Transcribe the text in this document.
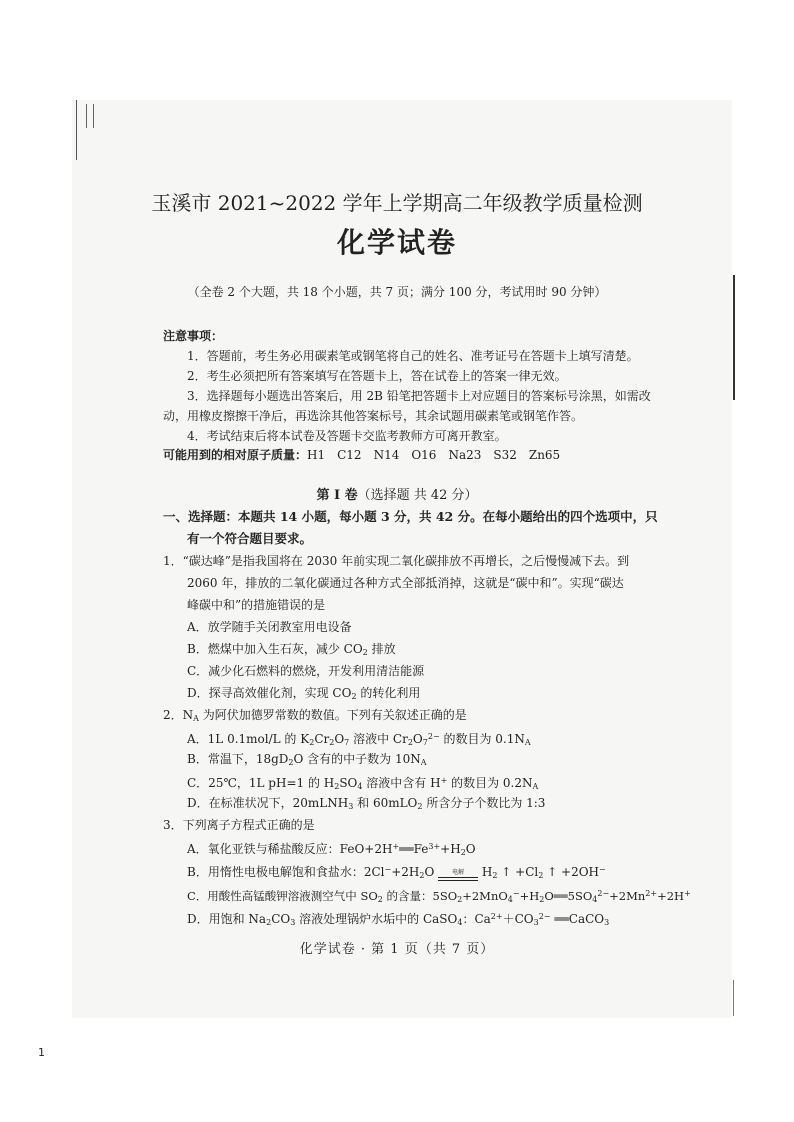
玉溪市 2021~2022 学年上学期高二年级教学质量检测
化学试卷
（全卷 2 个大题，共 18 个小题，共 7 页；满分 100 分，考试用时 90 分钟）
注意事项：
1．答题前，考生务必用碳素笔或钢笔将自己的姓名、准考证号在答题卡上填写清楚。
2．考生必须把所有答案填写在答题卡上，答在试卷上的答案一律无效。
3．选择题每小题选出答案后，用 2B 铅笔把答题卡上对应题目的答案标号涂黑，如需改
动，用橡皮擦擦干净后，再选涂其他答案标号，其余试题用碳素笔或钢笔作答。
4．考试结束后将本试卷及答题卡交监考教师方可离开教室。
可能用到的相对原子质量：H1　C12　N14　O16　Na23　S32　Zn65
第 I 卷（选择题 共 42 分）
一、选择题：本题共 14 小题，每小题 3 分，共 42 分。在每小题给出的四个选项中，只
有一个符合题目要求。
1．“碳达峰”是指我国将在 2030 年前实现二氧化碳排放不再增长，之后慢慢减下去。到
2060 年，排放的二氧化碳通过各种方式全部抵消掉，这就是“碳中和”。实现“碳达
峰碳中和”的措施错误的是
A．放学随手关闭教室用电设备
B．燃煤中加入生石灰，减少 $CO_2$ 排放
C．减少化石燃料的燃烧，开发利用清洁能源
D．探寻高效催化剂，实现 $CO_2$ 的转化利用
2．$N_A$ 为阿伏加德罗常数的数值。下列有关叙述正确的是
A．1L 0.1mol/L 的 $K_2Cr_2O_7$ 溶液中 $Cr_2O_7^{2-}$ 的数目为 $0.1N_A$
B．常温下，$18gD_2O$ 含有的中子数为 $10N_A$
C．25℃，1L pH=1 的 $H_2SO_4$ 溶液中含有 H+ 的数目为 $0.2N_A$
D．在标准状况下，20mLNH$_3$ 和 60mLO$_2$ 所含分子个数比为 1:3
3．下列离子方程式正确的是
A．氧化亚铁与稀盐酸反应：$FeO+2H^+══Fe^{3+}+H_2O$
B．用惰性电极电解饱和食盐水：$2Cl^-+2H_2O$ 电解 $H_2$ ↑ $+Cl_2$ ↑ +2OH−
C．用酸性高锰酸钾溶液测空气中 $SO_2$ 的含量：$5SO_2+2MnO_4^-+H_2O══5SO_4^{2-}+2Mn^{2+}+2H^+$
D．用饱和 $Na_2CO_3$ 溶液处理锅炉水垢中的 CaSO$_4$：$Ca^{2+}+CO_3^{2-}$ ══CaCO$_3$
化学试卷 · 第 1 页（共 7 页）
1
